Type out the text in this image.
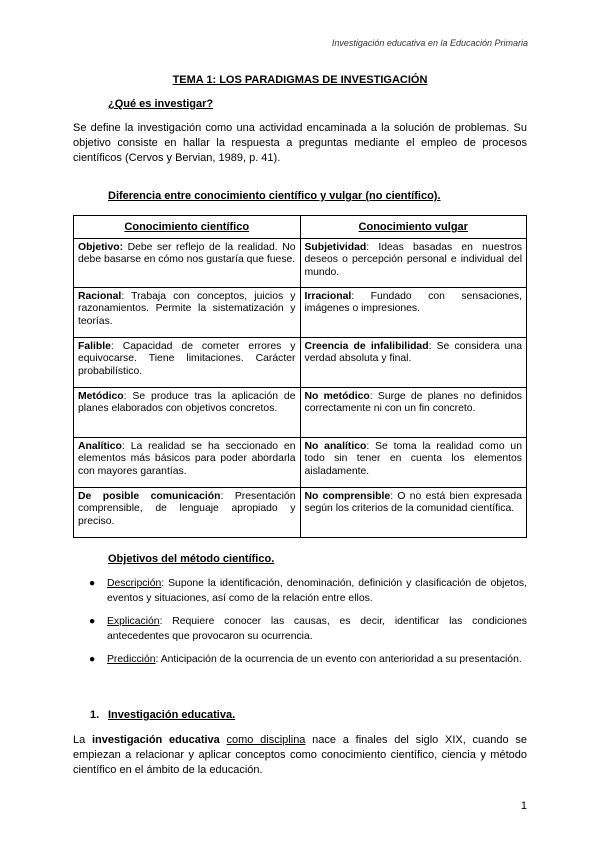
Investigación educativa en la Educación Primaria
TEMA 1: LOS PARADIGMAS DE INVESTIGACIÓN
¿Qué es investigar?
Se define la investigación como una actividad encaminada a la solución de problemas. Su objetivo consiste en hallar la respuesta a preguntas mediante el empleo de procesos científicos (Cervos y Bervian, 1989, p. 41).
Diferencia entre conocimiento científico y vulgar (no científico).
Conocimiento científico	Conocimiento vulgar
Objetivo: Debe ser reflejo de la realidad. No debe basarse en cómo nos gustaría que fuese.	Subjetividad: Ideas basadas en nuestros deseos o percepción personal e individual del mundo.
Racional: Trabaja con conceptos, juicios y razonamientos. Permite la sistematización y teorías.	Irracional: Fundado con sensaciones, imágenes o impresiones.
Falible: Capacidad de cometer errores y equivocarse. Tiene limitaciones. Carácter probabilístico.	Creencia de infalibilidad: Se considera una verdad absoluta y final.
Metódico: Se produce tras la aplicación de planes elaborados con objetivos concretos.	No metódico: Surge de planes no definidos correctamente ni con un fin concreto.
Analítico: La realidad se ha seccionado en elementos más básicos para poder abordarla con mayores garantías.	No analítico: Se toma la realidad como un todo sin tener en cuenta los elementos aisladamente.
De posible comunicación: Presentación comprensible, de lenguaje apropiado y preciso.	No comprensible: O no está bien expresada según los criterios de la comunidad científica.
Objetivos del método científico.
● Descripción: Supone la identificación, denominación, definición y clasificación de objetos, eventos y situaciones, así como de la relación entre ellos.
● Explicación: Requiere conocer las causas, es decir, identificar las condiciones antecedentes que provocaron su ocurrencia.
● Predicción: Anticipación de la ocurrencia de un evento con anterioridad a su presentación.
1. Investigación educativa.
La investigación educativa como disciplina nace a finales del siglo XIX, cuando se empiezan a relacionar y aplicar conceptos como conocimiento científico, ciencia y método científico en el ámbito de la educación.
1
